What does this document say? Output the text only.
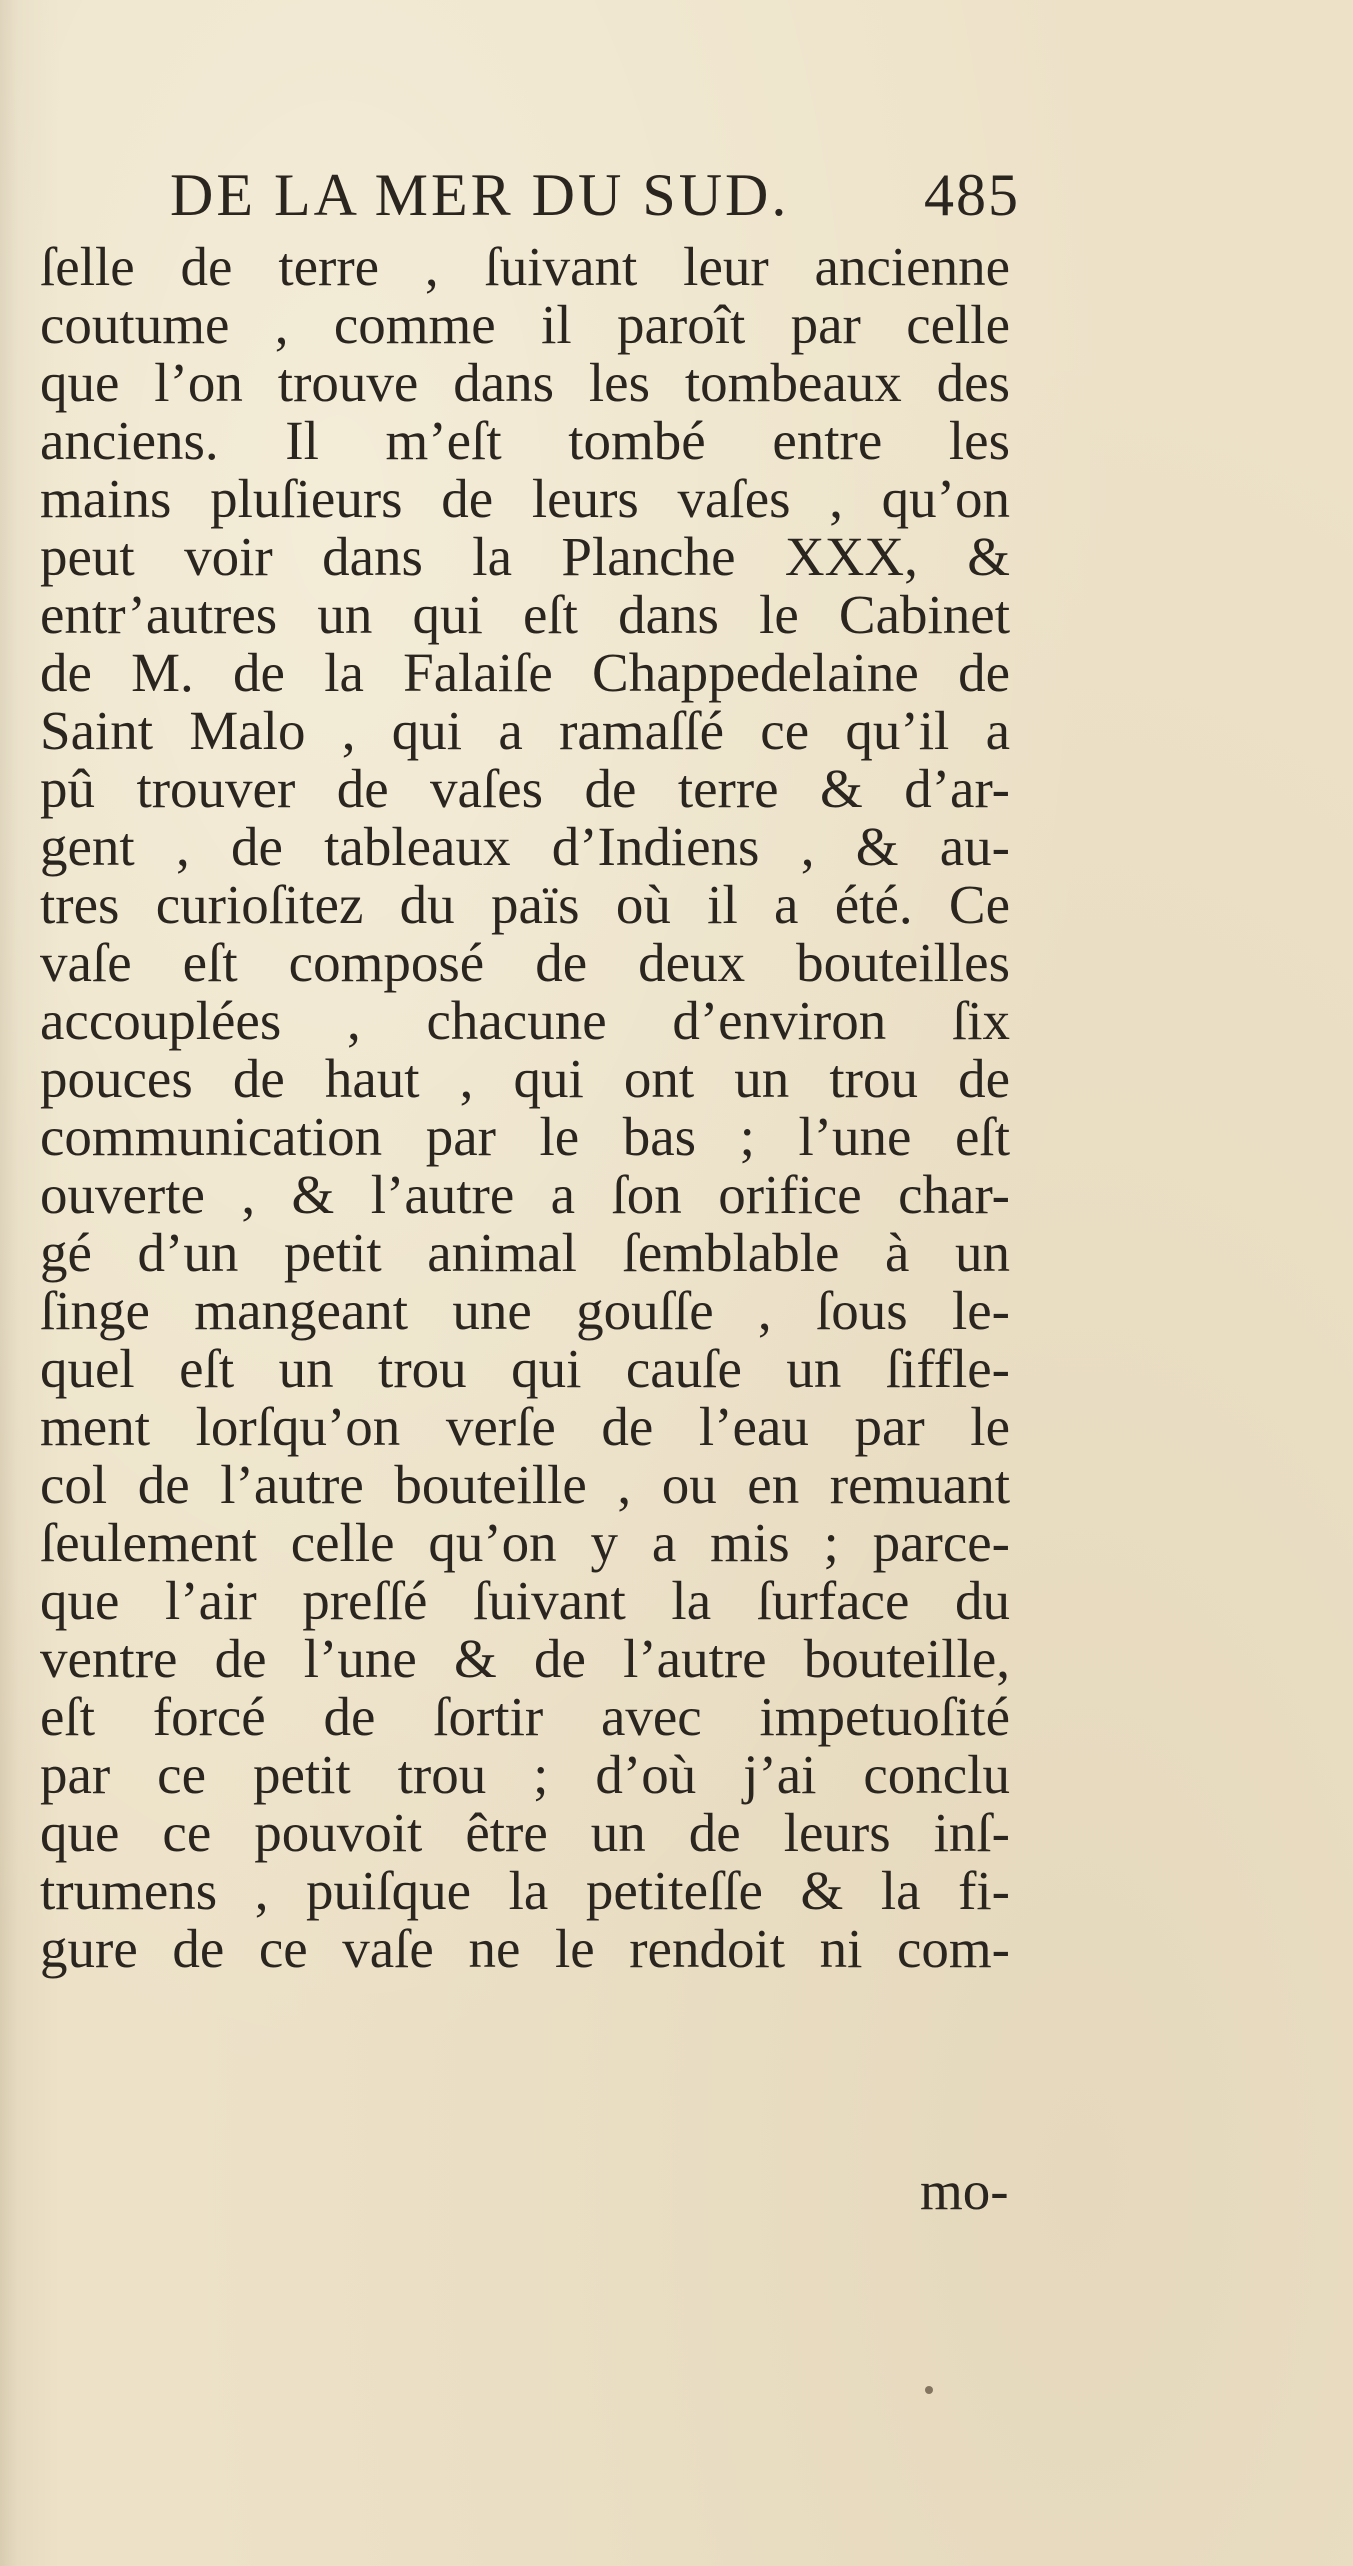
DE LA MER DU SUD. 485
ſelle de terre , ſuivant leur ancienne
coutume , comme il paroît par celle
que l’on trouve dans les tombeaux des
anciens. Il m’eſt tombé entre les
mains pluſieurs de leurs vaſes , qu’on
peut voir dans la Planche XXX, &
entr’autres un qui eſt dans le Cabinet
de M. de la Falaiſe Chappedelaine de
Saint Malo , qui a ramaſſé ce qu’il a
pû trouver de vaſes de terre & d’ar-
gent , de tableaux d’Indiens , & au-
tres curioſitez du païs où il a été. Ce
vaſe eſt composé de deux bouteilles
accouplées , chacune d’environ ſix
pouces de haut , qui ont un trou de
communication par le bas ; l’une eſt
ouverte , & l’autre a ſon orifice char-
gé d’un petit animal ſemblable à un
ſinge mangeant une gouſſe , ſous le-
quel eſt un trou qui cauſe un ſiffle-
ment lorſqu’on verſe de l’eau par le
col de l’autre bouteille , ou en remuant
ſeulement celle qu’on y a mis ; parce-
que l’air preſſé ſuivant la ſurface du
ventre de l’une & de l’autre bouteille,
eſt forcé de ſortir avec impetuoſité
par ce petit trou ; d’où j’ai conclu
que ce pouvoit être un de leurs inſ-
trumens , puiſque la petiteſſe & la fi-
gure de ce vaſe ne le rendoit ni com-
mo-
